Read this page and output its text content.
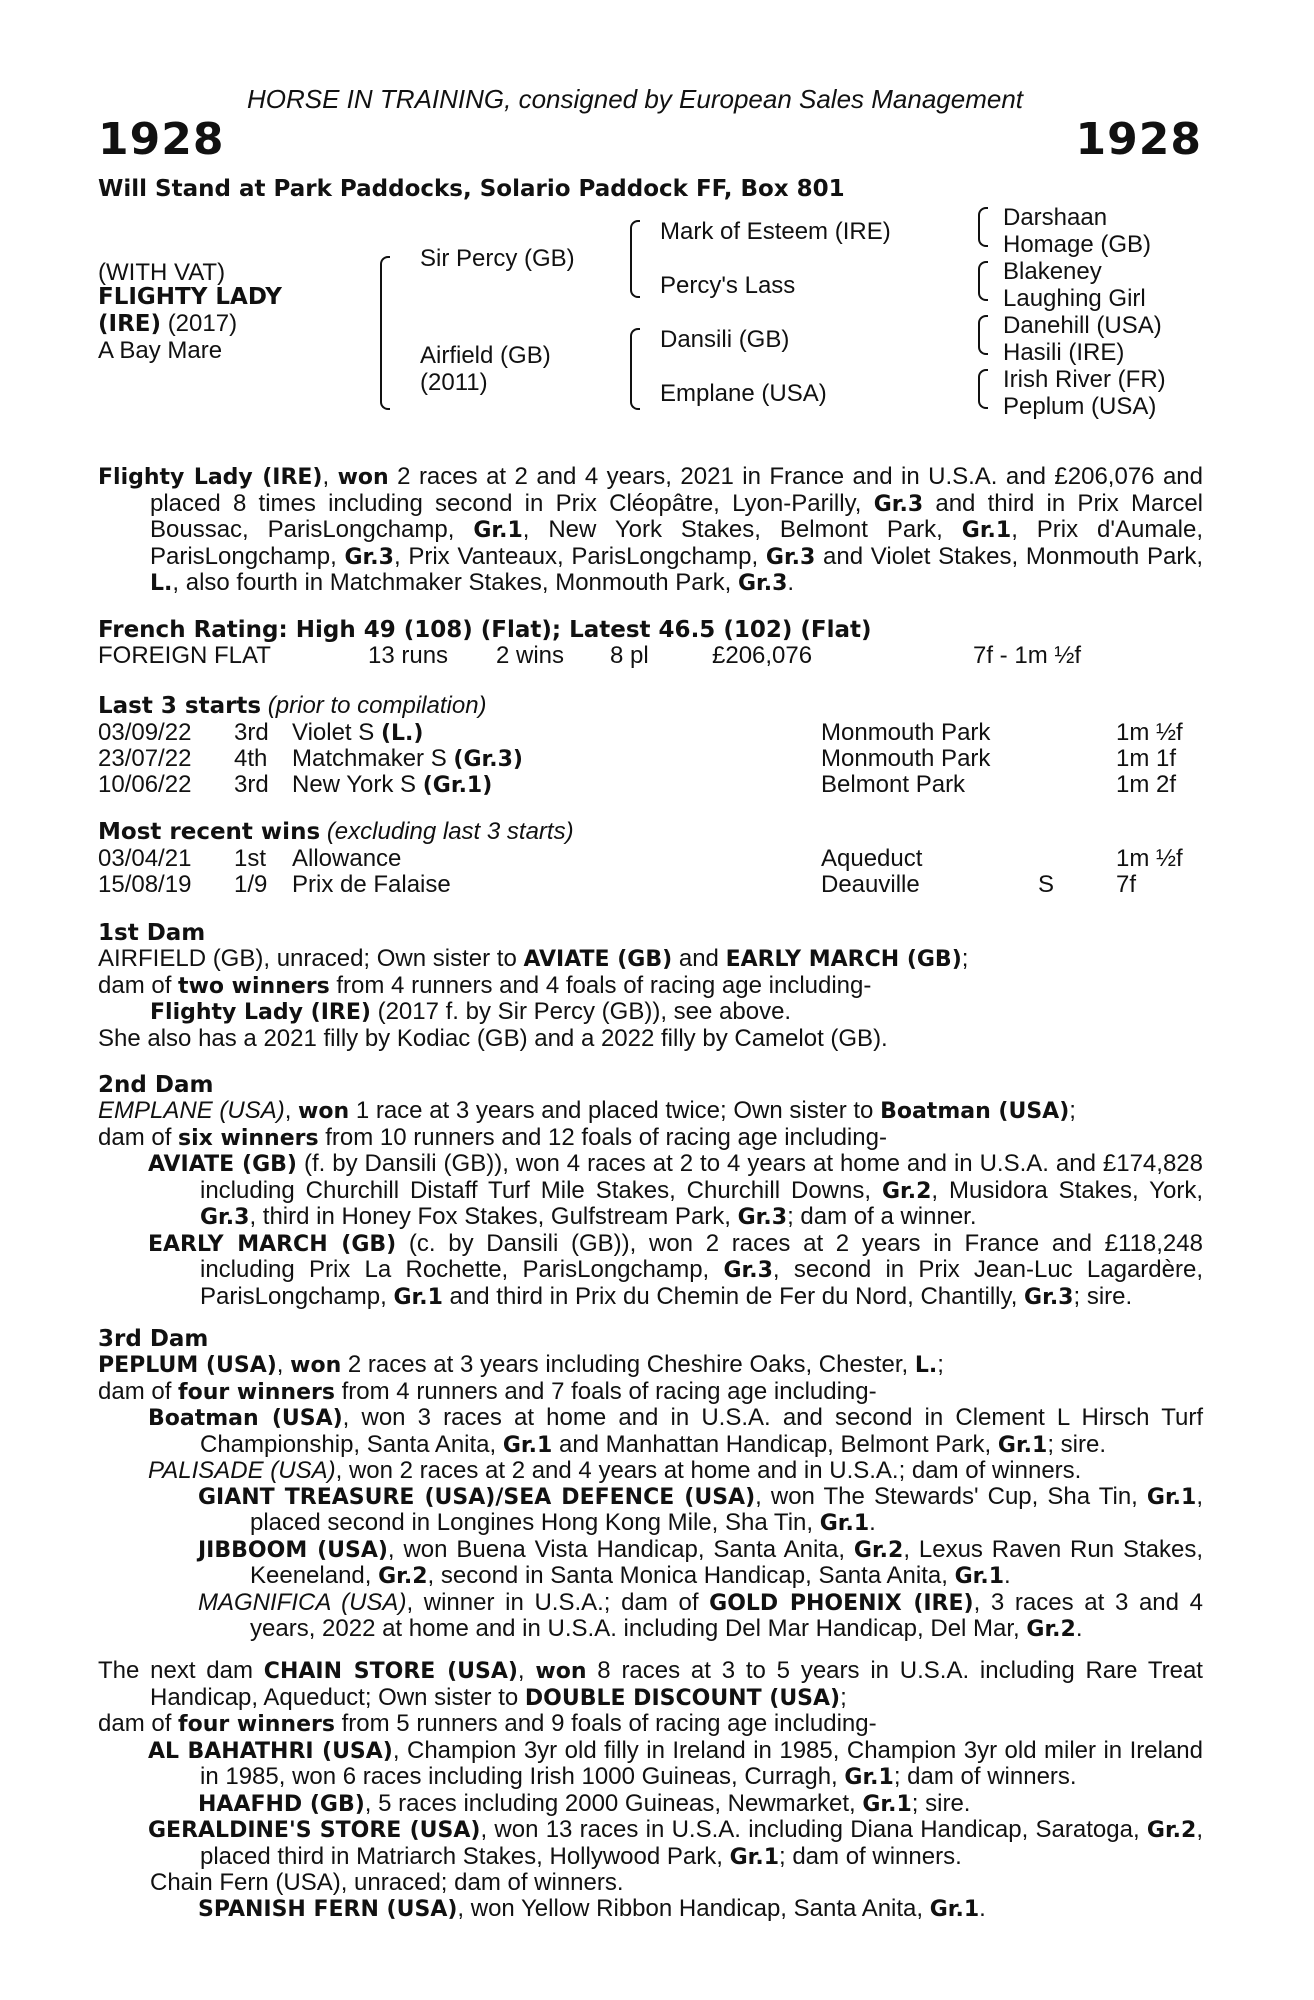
HORSE IN TRAINING, consigned by European Sales Management
1928	1928
Will Stand at Park Paddocks, Solario Paddock FF, Box 801
(WITH VAT)
FLIGHTY LADY
(IRE) (2017)
A Bay Mare
Sir Percy (GB)
Airfield (GB)
(2011)
Mark of Esteem (IRE)
Percy's Lass
Dansili (GB)
Emplane (USA)
Darshaan
Homage (GB)
Blakeney
Laughing Girl
Danehill (USA)
Hasili (IRE)
Irish River (FR)
Peplum (USA)

Flighty Lady (IRE), won 2 races at 2 and 4 years, 2021 in France and in U.S.A. and £206,076 and placed 8 times including second in Prix Cléopâtre, Lyon-Parilly, Gr.3 and third in Prix Marcel Boussac, ParisLongchamp, Gr.1, New York Stakes, Belmont Park, Gr.1, Prix d'Aumale, ParisLongchamp, Gr.3, Prix Vanteaux, ParisLongchamp, Gr.3 and Violet Stakes, Monmouth Park, L., also fourth in Matchmaker Stakes, Monmouth Park, Gr.3.

French Rating: High 49 (108) (Flat); Latest 46.5 (102) (Flat)
FOREIGN FLAT	13 runs 2 wins 8 pl	£206,076	7f - 1m ½f
Last 3 starts (prior to compilation)
03/09/22 3rd Violet S (L.)	Monmouth Park	1m ½f
23/07/22 4th Matchmaker S (Gr.3)	Monmouth Park	1m 1f
10/06/22 3rd New York S (Gr.1)	Belmont Park	1m 2f
Most recent wins (excluding last 3 starts)
03/04/21 1st Allowance	Aqueduct	1m ½f
15/08/19 1/9 Prix de Falaise	Deauville	S	7f
1st Dam

AIRFIELD (GB), unraced; Own sister to AVIATE (GB) and EARLY MARCH (GB);

dam of two winners from 4 runners and 4 foals of racing age including-

Flighty Lady (IRE) (2017 f. by Sir Percy (GB)), see above.

She also has a 2021 filly by Kodiac (GB) and a 2022 filly by Camelot (GB).

2nd Dam

EMPLANE (USA), won 1 race at 3 years and placed twice; Own sister to Boatman (USA);

dam of six winners from 10 runners and 12 foals of racing age including-

AVIATE (GB) (f. by Dansili (GB)), won 4 races at 2 to 4 years at home and in U.S.A. and £174,828 including Churchill Distaff Turf Mile Stakes, Churchill Downs, Gr.2, Musidora Stakes, York, Gr.3, third in Honey Fox Stakes, Gulfstream Park, Gr.3; dam of a winner.

EARLY MARCH (GB) (c. by Dansili (GB)), won 2 races at 2 years in France and £118,248 including Prix La Rochette, ParisLongchamp, Gr.3, second in Prix Jean-Luc Lagardère, ParisLongchamp, Gr.1 and third in Prix du Chemin de Fer du Nord, Chantilly, Gr.3; sire.

3rd Dam

PEPLUM (USA), won 2 races at 3 years including Cheshire Oaks, Chester, L.;

dam of four winners from 4 runners and 7 foals of racing age including-

Boatman (USA), won 3 races at home and in U.S.A. and second in Clement L Hirsch Turf Championship, Santa Anita, Gr.1 and Manhattan Handicap, Belmont Park, Gr.1; sire.

PALISADE (USA), won 2 races at 2 and 4 years at home and in U.S.A.; dam of winners.

GIANT TREASURE (USA)/SEA DEFENCE (USA), won The Stewards' Cup, Sha Tin, Gr.1, placed second in Longines Hong Kong Mile, Sha Tin, Gr.1.

JIBBOOM (USA), won Buena Vista Handicap, Santa Anita, Gr.2, Lexus Raven Run Stakes, Keeneland, Gr.2, second in Santa Monica Handicap, Santa Anita, Gr.1.

MAGNIFICA (USA), winner in U.S.A.; dam of GOLD PHOENIX (IRE), 3 races at 3 and 4 years, 2022 at home and in U.S.A. including Del Mar Handicap, Del Mar, Gr.2.

The next dam CHAIN STORE (USA), won 8 races at 3 to 5 years in U.S.A. including Rare Treat Handicap, Aqueduct; Own sister to DOUBLE DISCOUNT (USA);

dam of four winners from 5 runners and 9 foals of racing age including-

AL BAHATHRI (USA), Champion 3yr old filly in Ireland in 1985, Champion 3yr old miler in Ireland in 1985, won 6 races including Irish 1000 Guineas, Curragh, Gr.1; dam of winners.

HAAFHD (GB), 5 races including 2000 Guineas, Newmarket, Gr.1; sire.

GERALDINE'S STORE (USA), won 13 races in U.S.A. including Diana Handicap, Saratoga, Gr.2, placed third in Matriarch Stakes, Hollywood Park, Gr.1; dam of winners.

Chain Fern (USA), unraced; dam of winners.

SPANISH FERN (USA), won Yellow Ribbon Handicap, Santa Anita, Gr.1.
